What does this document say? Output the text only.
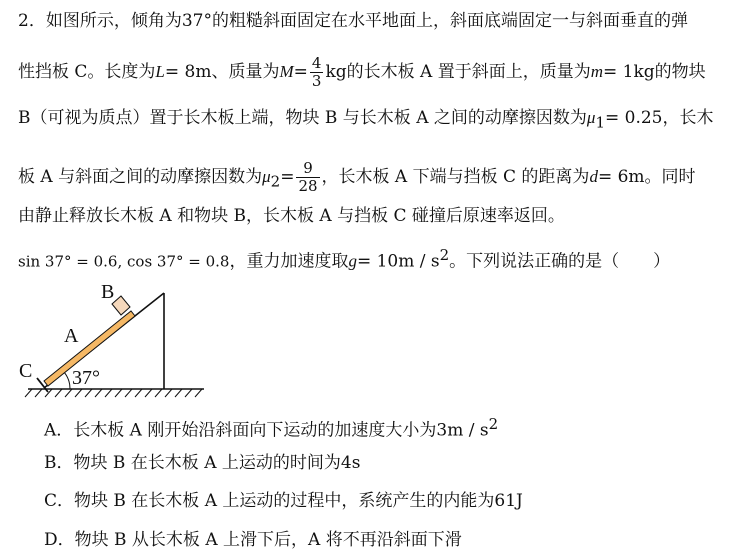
2．如图所示，倾角为37°的粗糙斜面固定在水平地面上，斜面底端固定一与斜面垂直的弹
性挡板 C。长度为L= 8m、质量为$M= \frac{4}{3}$ kg的长木板 A 置于斜面上，质量为m= 1kg的物块
B（可视为质点）置于长木板上端，物块 B 与长木板 A 之间的动摩擦因数为$\mu_1= 0.25$，长木
板 A 与斜面之间的动摩擦因数为$\mu_2= \frac{9}{28}$ ，长木板 A 下端与挡板 C 的距离为d= 6m。同时
由静止释放长木板 A 和物块 B，长木板 A 与挡板 C 碰撞后原速率返回。
sin 37° = 0.6, cos 37° = 0.8，重力加速度取$g= 10m / s^2$。下列说法正确的是（　　）
37°
C
A
B
A．长木板 A 刚开始沿斜面向下运动的加速度大小为$3m / s^2$
B．物块 B 在长木板 A 上运动的时间为4s
C．物块 B 在长木板 A 上运动的过程中，系统产生的内能为61J
D．物块 B 从长木板 A 上滑下后，A 将不再沿斜面下滑
